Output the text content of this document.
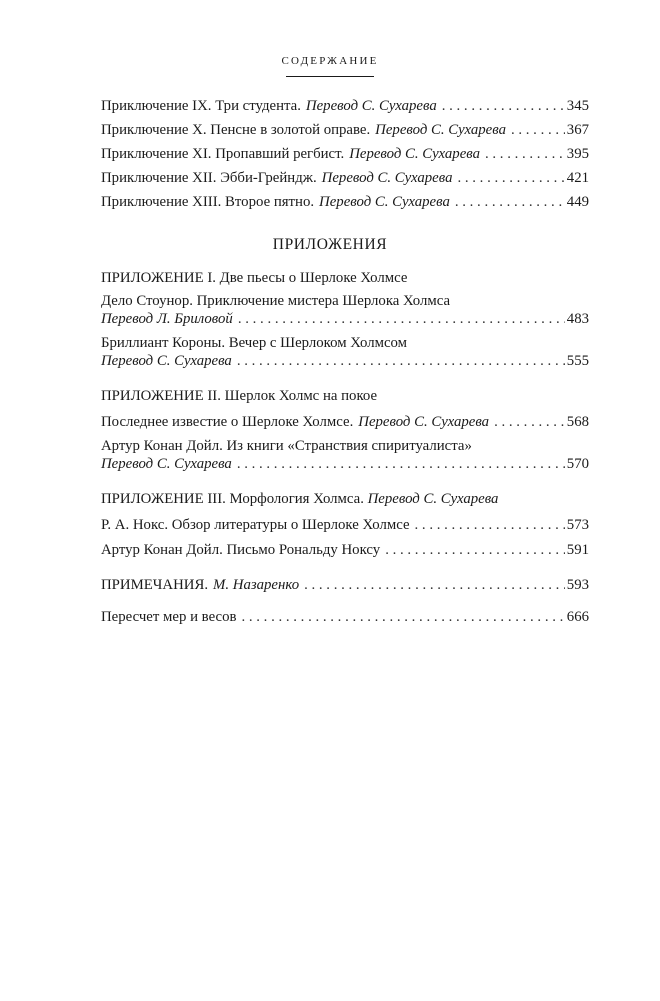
СОДЕРЖАНИЕ
Приключение IX. Три студента. Перевод С. Сухарева . . .	345
Приключение X. Пенсне в золотой оправе. Перевод С. Сухарева . . .	367
Приключение XI. Пропавший регбист. Перевод С. Сухарева . . .	395
Приключение XII. Эбби-Грейндж. Перевод С. Сухарева . . .	421
Приключение XIII. Второе пятно. Перевод С. Сухарева . . .	449
ПРИЛОЖЕНИЯ
ПРИЛОЖЕНИЕ I. Две пьесы о Шерлоке Холмсе
Дело Стоунор. Приключение мистера Шерлока Холмса
Перевод Л. Бриловой . . .	483
Бриллиант Короны. Вечер с Шерлоком Холмсом
Перевод С. Сухарева . . .	555
ПРИЛОЖЕНИЕ II. Шерлок Холмс на покое
Последнее известие о Шерлоке Холмсе. Перевод С. Сухарева . . .	568
Артур Конан Дойл. Из книги «Странствия спиритуалиста»
Перевод С. Сухарева . . .	570
ПРИЛОЖЕНИЕ III. Морфология Холмса. Перевод С. Сухарева
Р. А. Нокс. Обзор литературы о Шерлоке Холмсе . . .	573
Артур Конан Дойл. Письмо Рональду Ноксу . . .	591
ПРИМЕЧАНИЯ. М. Назаренко . . .	593
Пересчет мер и весов . . .	666
